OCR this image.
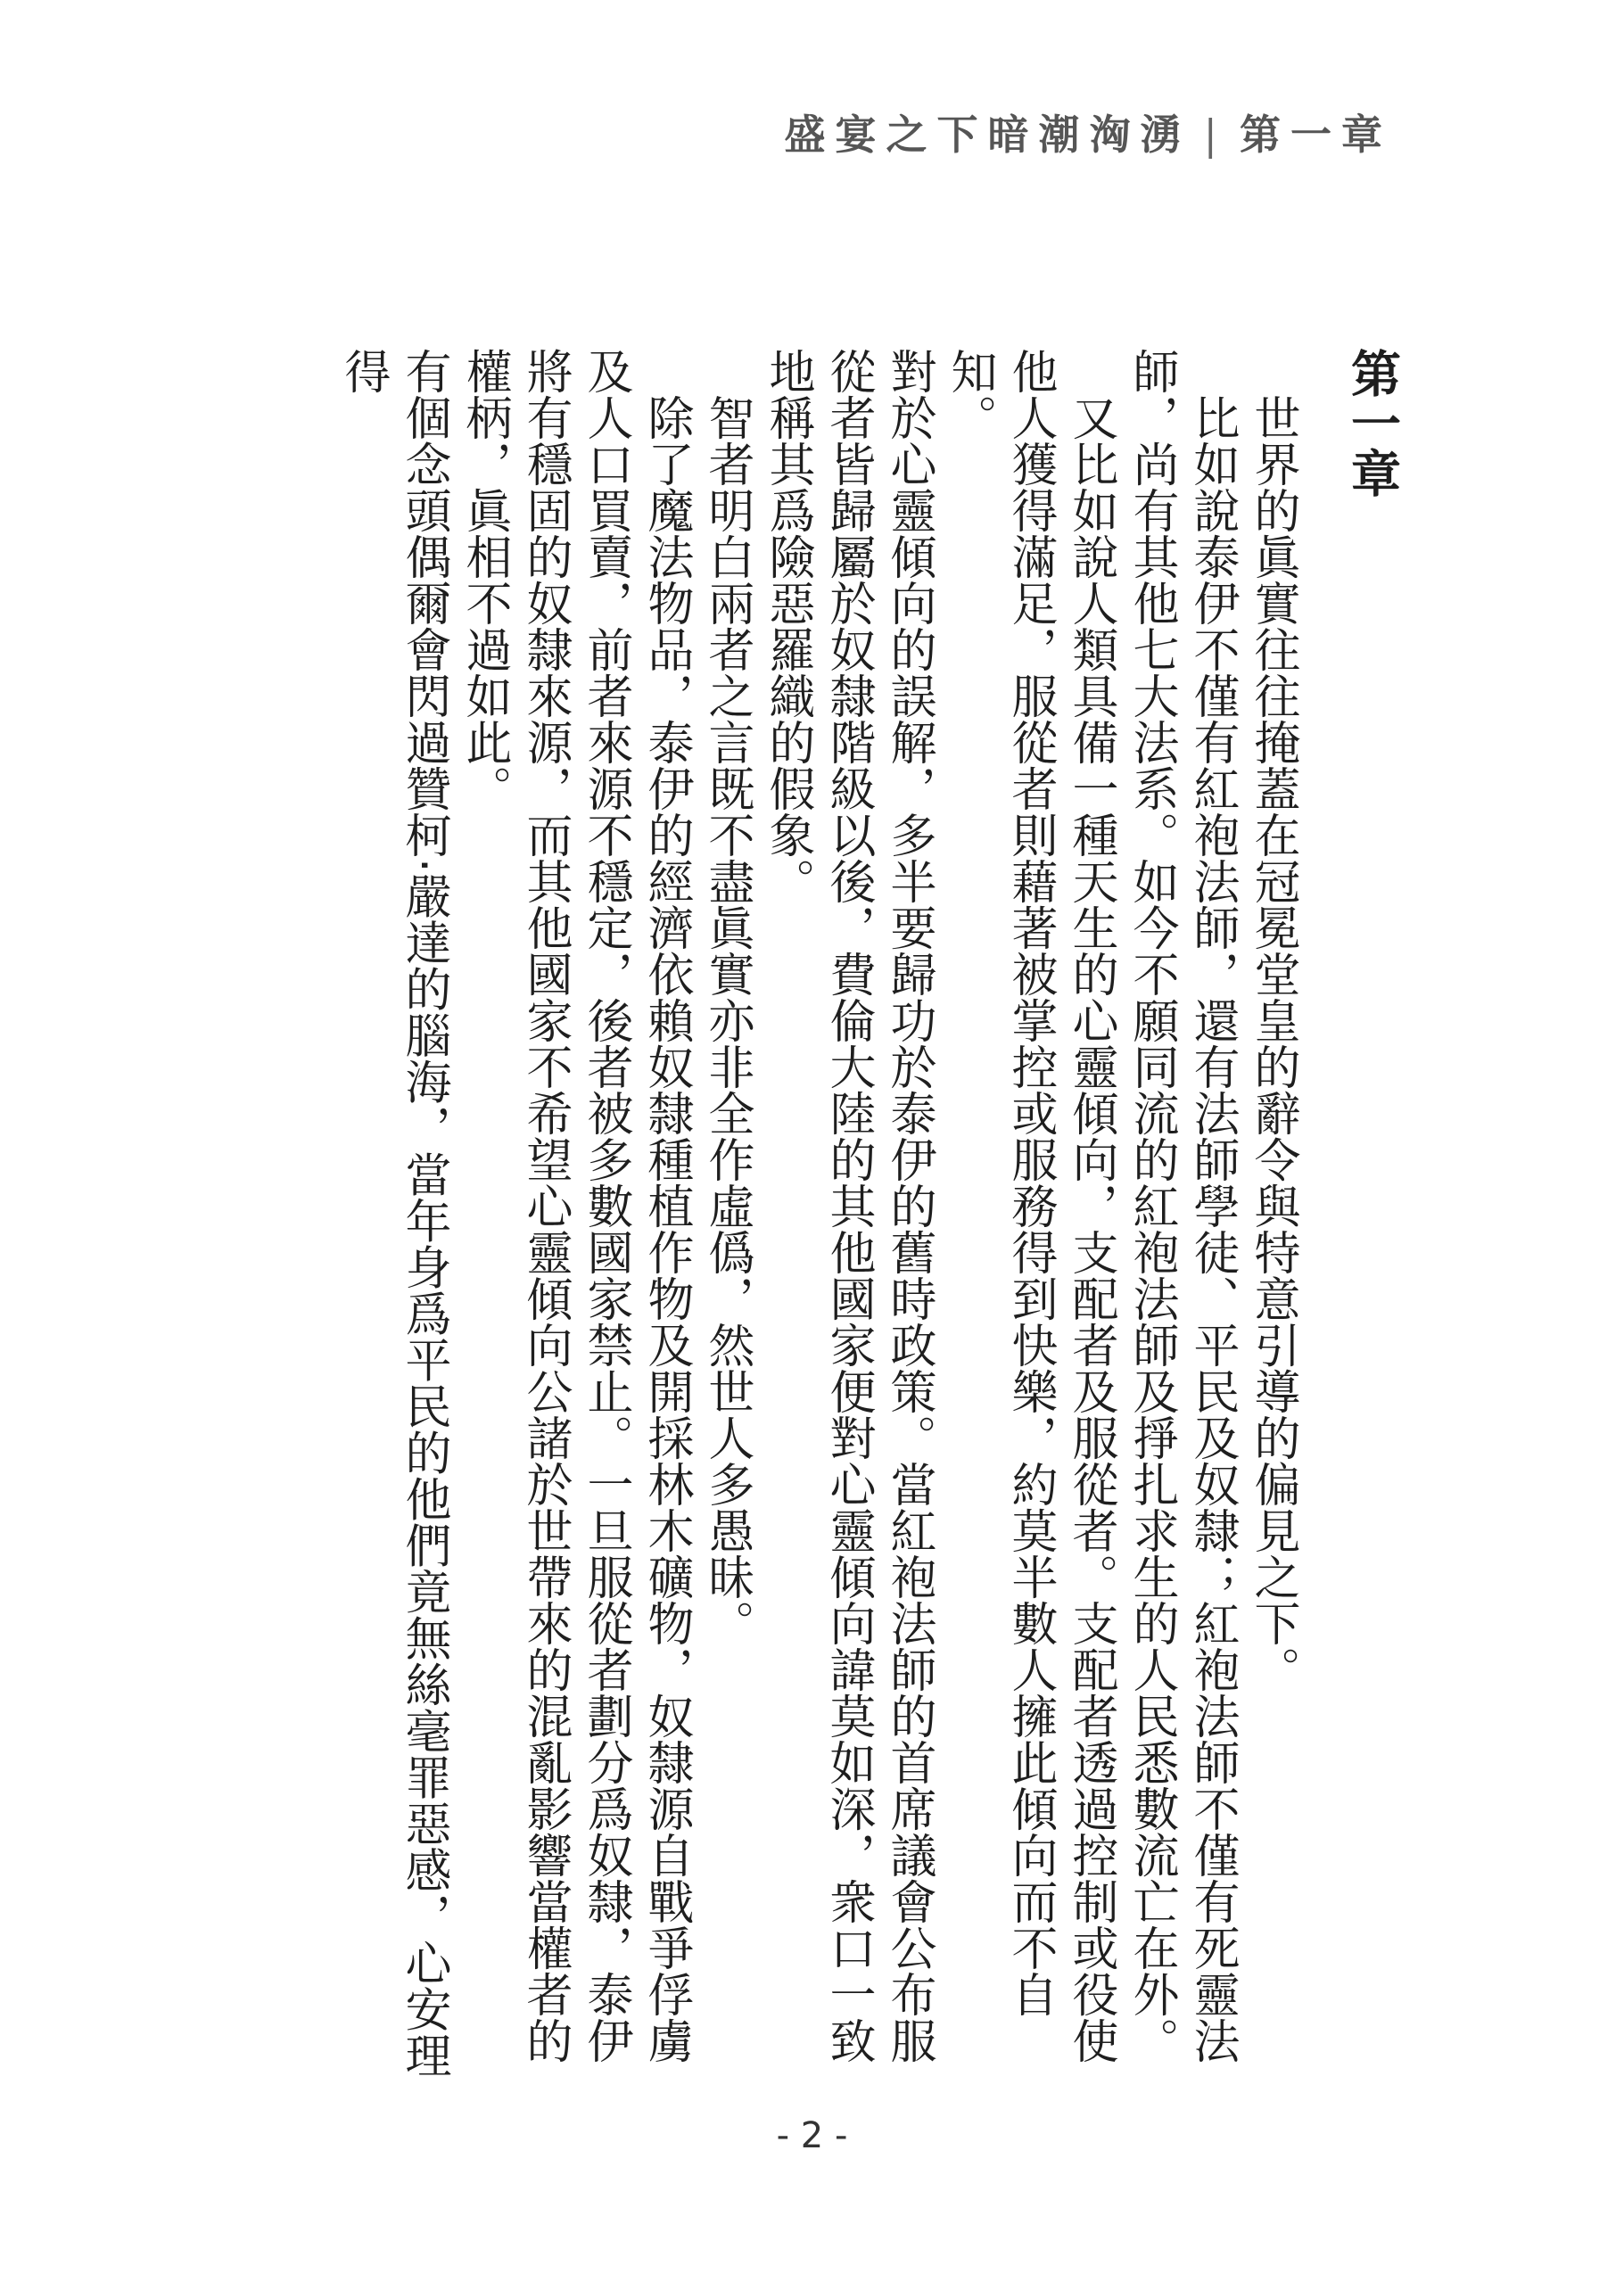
盛宴之下暗潮洶湧 | 第一章
第一章

世界的眞實往往掩蓋在冠冕堂皇的辭令與特意引導的偏見之下。

比如說泰伊不僅有紅袍法師，還有法師學徒、平民及奴隸；紅袍法師不僅有死靈法師，尚有其他七大法系。如今不願同流的紅袍法師及掙扎求生的人民悉數流亡在外。

又比如說人類具備一種天生的心靈傾向，支配者及服從者。支配者透過控制或役使他人獲得滿足，服從者則藉著被掌控或服務得到快樂，約莫半數人擁此傾向而不自知。

對於心靈傾向的誤解，多半要歸功於泰伊的舊時政策。當紅袍法師的首席議會公布服從者皆歸屬於奴隸階級以後，費倫大陸的其他國家便對心靈傾向諱莫如深，衆口一致地稱其爲險惡羅織的假象。

智者明白兩者之言既不盡眞實亦非全作虛僞，然世人多愚昧。

除了魔法物品，泰伊的經濟依賴奴隸種植作物及開採林木礦物，奴隸源自戰爭俘虜及人口買賣，前者來源不穩定，後者被多數國家禁止。一旦服從者劃分爲奴隸，泰伊將有穩固的奴隸來源，而其他國家不希望心靈傾向公諸於世帶來的混亂影響當權者的權柄，眞相不過如此。

有個念頭偶爾會閃過贊柯·嚴達的腦海，當年身爲平民的他們竟無絲毫罪惡感，心安理得

- 2 -
